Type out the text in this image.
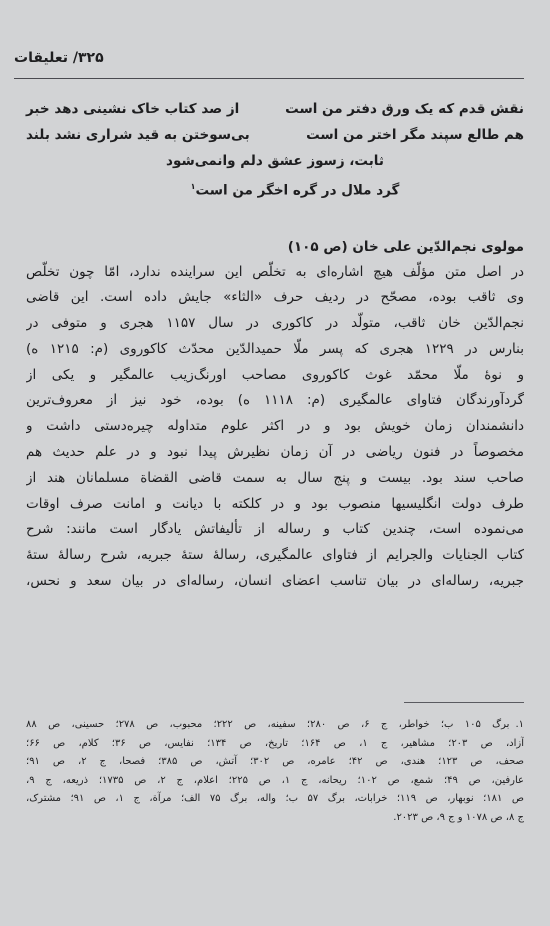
۳۲۵/ تعلیقات
نقش قدم که یک ورق دفتر من است
از صد کتاب خاک نشینی دهد خبر
هم طالع سپند مگر اختر من است
بی‌سوختن به قید شرارى نشد بلند
ثابت، زسوز عشق دلم وانمی‌شود
گرد ملال در گره اخگر من است$^۱$
مولوی نجم‌الدّین علی خان (ص ۱۰۵)

در اصل متن مؤلّف هیچ اشاره‌ای به تخلّص این سراینده ندارد، امّا چون تخلّص
وی ثاقب بوده، مصحّح در ردیف حرف «الثاء» جایش داده است. این قاضی
نجم‌الدّین خان ثاقب، متولّد در کاکوری در سال ۱۱۵۷ هجری و متوفی در
بنارس در ۱۲۲۹ هجری که پسر ملّا حمیدالدّین محدّث کاکوروی (م: ۱۲۱۵ ه)
و نوهٔ ملّا محمّد غوث کاکوروی مصاحب اورنگ‌زیب عالمگیر و یکی از
گردآورندگان فتاوای عالمگیری (م: ۱۱۱۸ ه) بوده، خود نیز از معروف‌ترین
دانشمندان زمان خویش بود و در اکثر علوم متداوله چیره‌دستی داشت و
مخصوصاً در فنون ریاضی در آن زمان نظیرش پیدا نبود و در علم حدیث هم
صاحب سند بود. بیست و پنج سال به سمت قاضی القضاة مسلمانان هند از
طرف دولت انگلیسیها منصوب بود و در کلکته با دیانت و امانت صرف اوقات
می‌نموده است، چندین کتاب و رساله از تألیفاتش یادگار است مانند: شرح
کتاب الجنایات والجرایم از فتاوای عالمگیری، رسالهٔ ستهٔ جبریه، شرح رسالهٔ ستهٔ
جبریه، رساله‌ای در بیان تناسب اعضای انسان، رساله‌ای در بیان سعد و نحس،

۱.برگ ۱۰۵ ب؛ خواطر، ج ۶، ص ۲۸۰؛ سفینه، ص ۲۲۲؛ محبوب، ص ۲۷۸؛ حسینی، ص ۸۸
آزاد، ص ۲۰۳؛ مشاهیر، ج ۱، ص ۱۶۴؛ تاریخ، ص ۱۳۴؛ نفایس، ص ۳۶؛ کلام، ص ۶۶؛
صحف، ص ۱۲۳؛ هندی، ص ۴۲؛ عامره، ص ۳۰۲؛ آتش، ص ۳۸۵؛ فصحا، ج ۲، ص ۹۱؛
عارفین، ص ۴۹؛ شمع، ص ۱۰۲؛ ریحانه، ج ۱، ص ۲۲۵؛ اعلام، ج ۲، ص ۱۷۳۵؛ ذریعه، ج ۹،
ص ۱۸۱؛ نوبهار، ص ۱۱۹؛ خرابات، برگ ۵۷ ب؛ واله، برگ ۷۵ الف؛ مرآة، ج ۱، ص ۹۱؛ مشترک،
ج ۸، ص ۱۰۷۸ و ج ۹، ص ۲۰۲۳.
